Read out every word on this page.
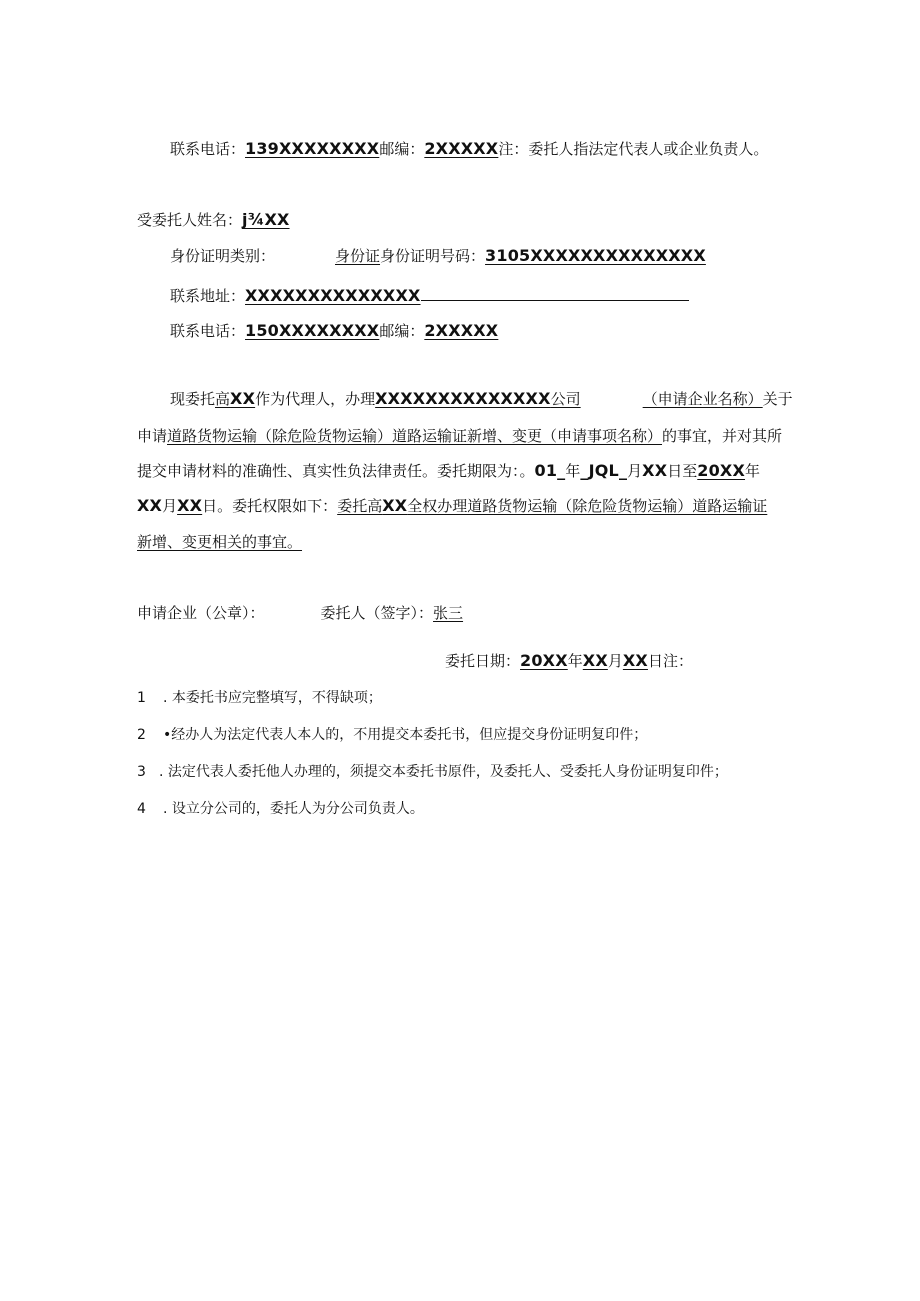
联系电话：139XXXXXXXX邮编：2XXXXX注：委托人指法定代表人或企业负责人。
受委托人姓名：j¾XX
身份证明类别：	身份证身份证明号码：3105XXXXXXXXXXXXXX
联系地址：XXXXXXXXXXXXXX
联系电话：150XXXXXXXX邮编：2XXXXX
现委托高XX作为代理人，办理XXXXXXXXXXXXXX公司	（申请企业名称）关于
申请道路货物运输（除危险货物运输）道路运输证新增、变更（申请事项名称）的事宜，并对其所
提交申请材料的准确性、真实性负法律责任。委托期限为：。01_年_JQL_月XX日至20XX年
XX月XX日。委托权限如下：委托高XX全权办理道路货物运输（除危险货物运输）道路运输证
新增、变更相关的事宜。
申请企业（公章）：	委托人（签字）：张三
委托日期：20XX年XX月XX日注：
1 . 本委托书应完整填写，不得缺项；
2 •经办人为法定代表人本人的，不用提交本委托书，但应提交身份证明复印件；
3 . 法定代表人委托他人办理的，须提交本委托书原件，及委托人、受委托人身份证明复印件；
4 . 设立分公司的，委托人为分公司负责人。
